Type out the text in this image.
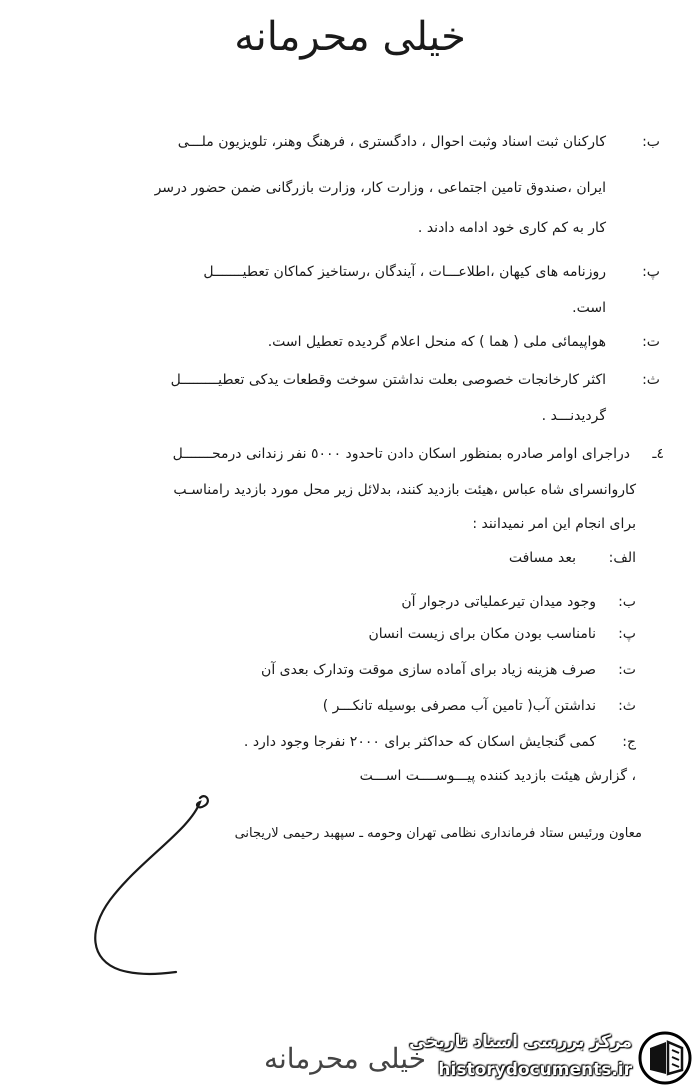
خیلی محرمانه
ب:
کارکنان ثبت اسناد وثبت احوال ، دادگستری ، فرهنگ وهنر، تلویزیون ملـــی
ایران ،صندوق تامین اجتماعی ، وزارت کار، وزارت بازرگانی ضمن حضور درسر
کار به کم کاری خود ادامه دادند .
پ:
روزنامه های کیهان ،اطلاعـــات ، آیندگان ،رستاخیز کماکان تعطیـــــــل
است.
ت:
هواپیمائی ملی ( هما ) که منحل اعلام گردیده تعطیل است.
ث:
اکثر کارخانجات خصوصی بعلت نداشتن سوخت وقطعات یدکی تعطیـــــــــل
گردیدنـــد .
٤ـ
دراجرای اوامر صادره بمنظور اسکان دادن تاحدود ٥٠٠٠ نفر زندانی درمحـــــــل
کاروانسرای شاه عباس ،هیئت بازدید کنند، بدلائل زیر محل مورد بازدید رامناسـب
برای انجام این امر نمیدانند :
الف:
بعد مسافت
ب:
وجود میدان تیرعملیاتی درجوار آن
پ:
نامناسب بودن مکان برای زیست انسان
ت:
صرف هزینه زیاد برای آماده سازی موقت وتدارک بعدی آن
ث:
نداشتن آب( تامین آب مصرفی بوسیله تانکـــر )
ج:
کمی گنجایش اسکان که حداکثر برای ۲۰۰۰ نفرجا وجود دارد .
، گزارش هیئت بازدید کننده پیـــوســــت اســـت
معاون ورئیس ستاد فرمانداری نظامی تهران وحومه ـ سپهبد رحیمی لاریجانی
خیلی محرمانه
مرکز بررسی اسناد تاریخی
historydocuments.ir
